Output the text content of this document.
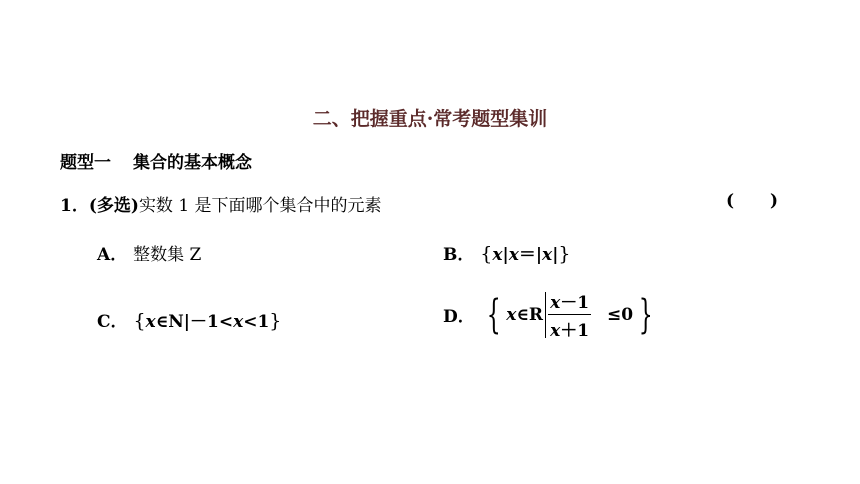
二、把握重点·常考题型集训
题型一 集合的基本概念
1．(多选)实数 1 是下面哪个集合中的元素	( )
A． 整数集 Z	B． {x|x＝|x|}
C． {x∈N|－1<x<1}	D． { x ∈R $\frac{x-1}{x+1} \le 0$ }
